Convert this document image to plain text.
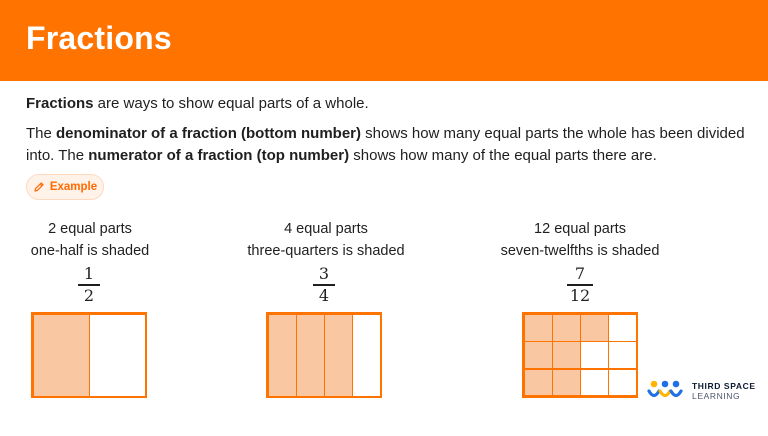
Fractions

Fractions are ways to show equal parts of a whole.

The denominator of a fraction (bottom number) shows how many equal parts the whole has been divided into. The numerator of a fraction (top number) shows how many of the equal parts there are.

Example
2 equal parts
one-half is shaded
1
2
4 equal parts
three-quarters is shaded
3
4
12 equal parts
seven-twelfths is shaded
7
12
THIRD SPACE
LEARNING
